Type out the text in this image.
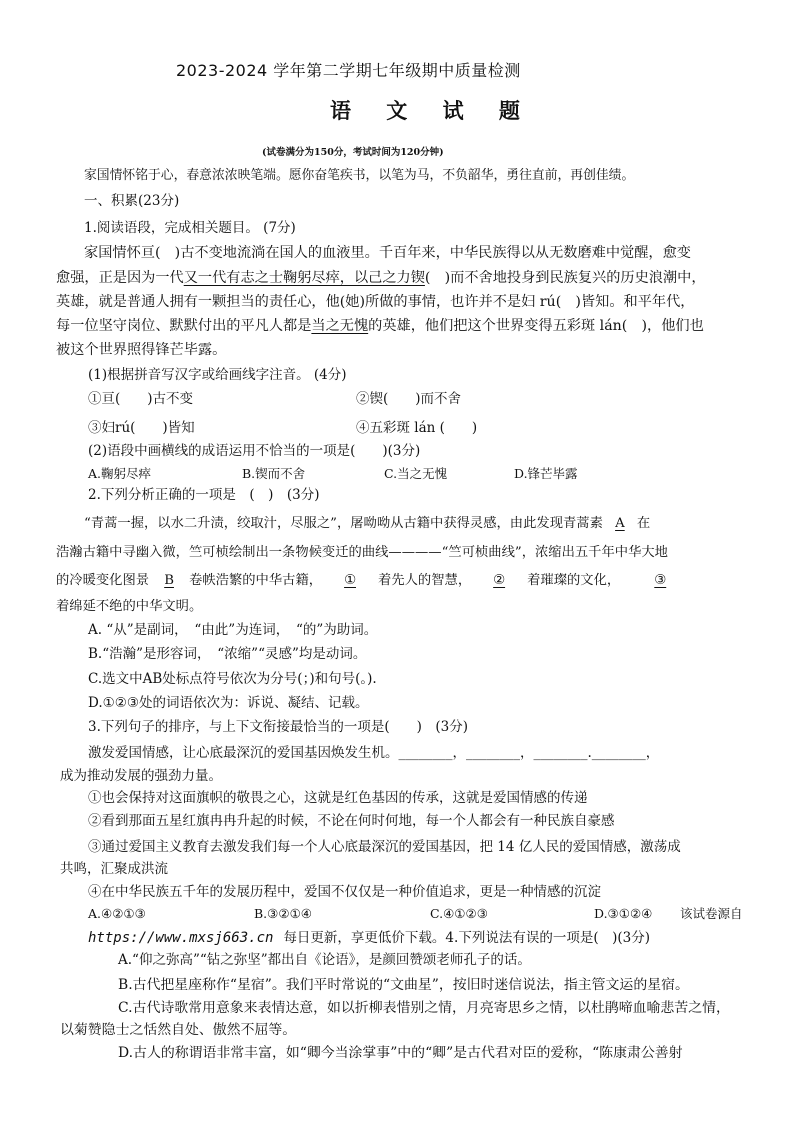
2023-2024 学年第二学期七年级期中质量检测
语 文 试 题
(试卷满分为150分，考试时间为120分钟)
家国情怀铭于心，春意浓浓映笔端。愿你奋笔疾书，以笔为马，不负韶华，勇往直前，再创佳绩。
一、积累(23分)
1.阅读语段，完成相关题目。 (7分)
家国情怀亘(　)古不变地流淌在国人的血液里。千百年来，中华民族得以从无数磨难中觉醒，愈变
愈强，正是因为一代又一代有志之士鞠躬尽瘁，以己之力锲(　)而不舍地投身到民族复兴的历史浪潮中，
英雄，就是普通人拥有一颗担当的责任心，他(她)所做的事情，也许并不是妇 rú(　)皆知。和平年代，
每一位坚守岗位、默默付出的平凡人都是当之无愧的英雄，他们把这个世界变得五彩斑 lán(　)，他们也
被这个世界照得锋芒毕露。
(1)根据拼音写汉字或给画线字注音。 (4分)
①亘(　　)古不变	②锲(　　)而不舍
③妇rú(　　)皆知	④五彩斑 lán (　　)
(2)语段中画横线的成语运用不恰当的一项是(　　)(3分)
A.鞠躬尽瘁	B.锲而不舍	C.当之无愧	D.锋芒毕露
2.下列分析正确的一项是　(　)　(3分)
“青蒿一握，以水二升渍，绞取汁，尽服之”，屠呦呦从古籍中获得灵感，由此发现青蒿素 A 在
浩瀚古籍中寻幽入微，竺可桢绘制出一条物候变迁的曲线————“竺可桢曲线”，浓缩出五千年中华大地
的冷暖变化图景 B 卷帙浩繁的中华古籍， ① 着先人的智慧， ② 着璀璨的文化，	③
着绵延不绝的中华文明。
A. “从”是副词，　“由此”为连词，　“的”为助词。
B.“浩瀚”是形容词，　“浓缩”“灵感”均是动词。
C.选文中AB处标点符号依次为分号(；)和句号(。).
D.①②③处的词语依次为：诉说、凝结、记载。
3.下列句子的排序，与上下文衔接最恰当的一项是(　　)　(3分)
激发爱国情感，让心底最深沉的爱国基因焕发生机。________，________，________.________，
成为推动发展的强劲力量。
①也会保持对这面旗帜的敬畏之心，这就是红色基因的传承，这就是爱国情感的传递
②看到那面五星红旗冉冉升起的时候，不论在何时何地，每一个人都会有一种民族自豪感
③通过爱国主义教育去激发我们每一个人心底最深沉的爱国基因，把 14 亿人民的爱国情感，激荡成
共鸣，汇聚成洪流
④在中华民族五千年的发展历程中，爱国不仅仅是一种价值追求，更是一种情感的沉淀
A.④②①③	B.③②①④	C.④①②③	D.③①②④ 该试卷源自
https://www.mxsj663.cn 每日更新，享更低价下载。4.下列说法有误的一项是(　)(3分)
A.“仰之弥高”“钻之弥坚”都出自《论语》，是颜回赞颂老师孔子的话。
B.古代把星座称作“星宿”。我们平时常说的“文曲星”，按旧时迷信说法，指主管文运的星宿。
C.古代诗歌常用意象来表情达意，如以折柳表惜别之情，月亮寄思乡之情，以杜鹃啼血喻悲苦之情，
以菊赞隐士之恬然自处、傲然不屈等。
D.古人的称谓语非常丰富，如“卿今当涂掌事”中的“卿”是古代君对臣的爱称，“陈康肃公善射
